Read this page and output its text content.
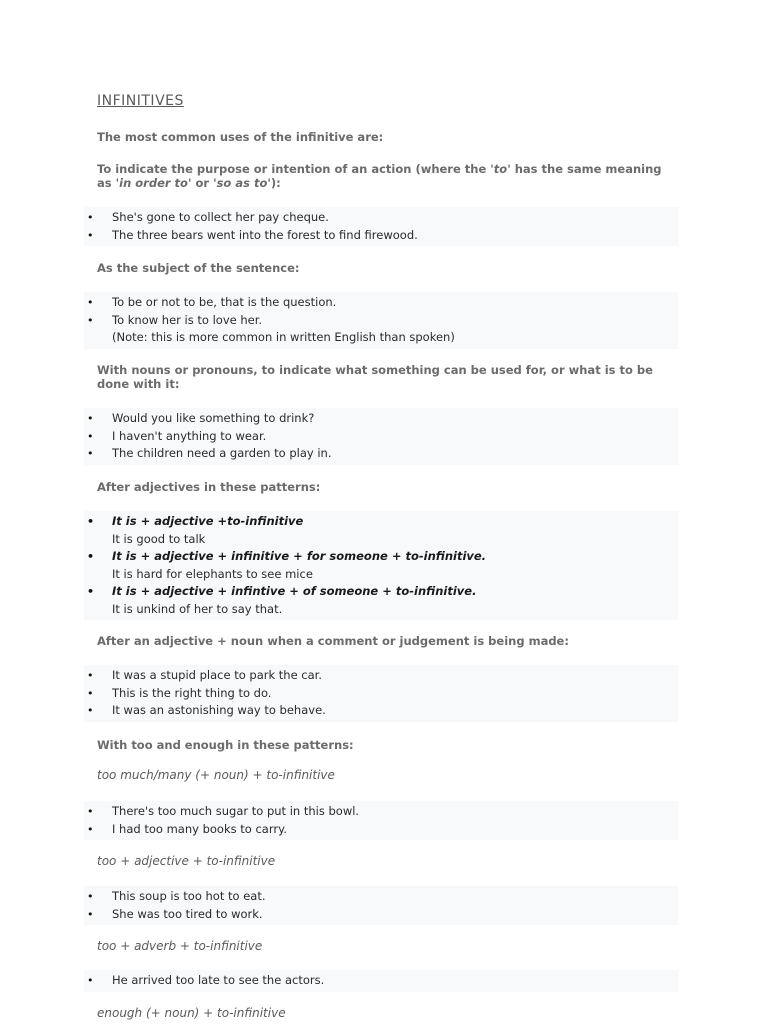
INFINITIVES
The most common uses of the infinitive are:
To indicate the purpose or intention of an action (where the 'to' has the same meaning as 'in order to' or 'so as to'):
• She's gone to collect her pay cheque.
• The three bears went into the forest to find firewood.
As the subject of the sentence:
• To be or not to be, that is the question.
• To know her is to love her.
(Note: this is more common in written English than spoken)
With nouns or pronouns, to indicate what something can be used for, or what is to be done with it:
• Would you like something to drink?
• I haven't anything to wear.
• The children need a garden to play in.
After adjectives in these patterns:
• It is + adjective +to-infinitive
It is good to talk
• It is + adjective + infinitive + for someone + to-infinitive.
It is hard for elephants to see mice
• It is + adjective + infintive + of someone + to-infinitive.
It is unkind of her to say that.
After an adjective + noun when a comment or judgement is being made:
• It was a stupid place to park the car.
• This is the right thing to do.
• It was an astonishing way to behave.
With too and enough in these patterns:
too much/many (+ noun) + to-infinitive
• There's too much sugar to put in this bowl.
• I had too many books to carry.
too + adjective + to-infinitive
• This soup is too hot to eat.
• She was too tired to work.
too + adverb + to-infinitive
• He arrived too late to see the actors.
enough (+ noun) + to-infinitive
